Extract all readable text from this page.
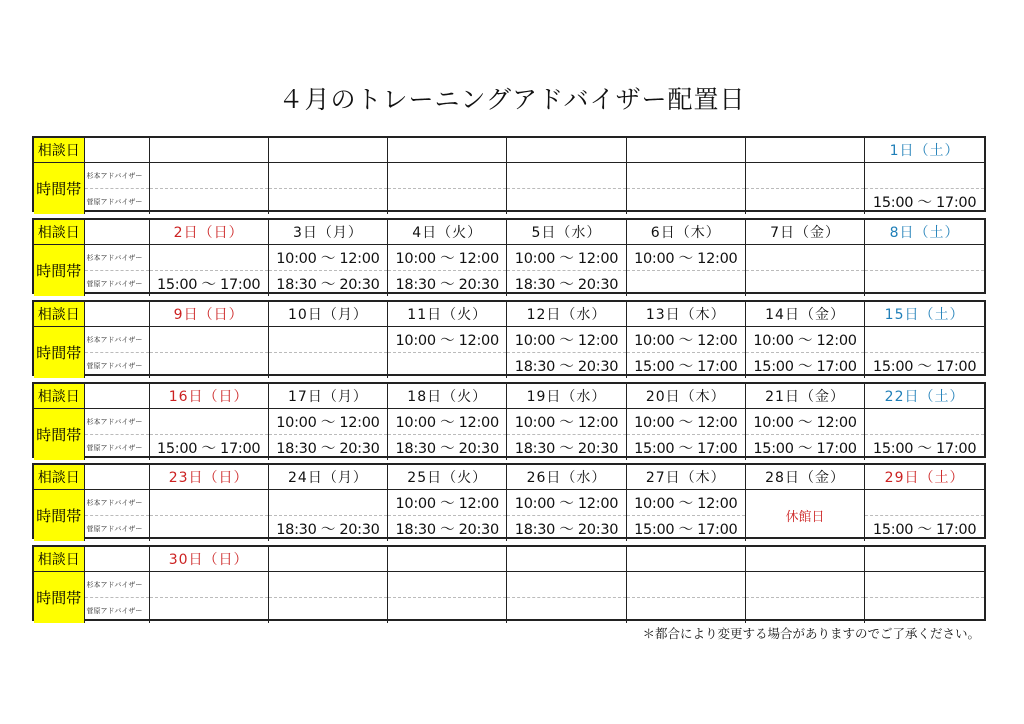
４月のトレーニングアドバイザー配置日
相談日								1日（土）
時間帯	杉本アドバイザー							
	菅原アドバイザー							15:00 ～ 17:00
相談日		2日（日）	3日（月）	4日（火）	5日（水）	6日（木）	7日（金）	8日（土）
時間帯	杉本アドバイザー		10:00 ～ 12:00	10:00 ～ 12:00	10:00 ～ 12:00	10:00 ～ 12:00		
	菅原アドバイザー	15:00 ～ 17:00	18:30 ～ 20:30	18:30 ～ 20:30	18:30 ～ 20:30			
相談日		9日（日）	10日（月）	11日（火）	12日（水）	13日（木）	14日（金）	15日（土）
時間帯	杉本アドバイザー			10:00 ～ 12:00	10:00 ～ 12:00	10:00 ～ 12:00	10:00 ～ 12:00	
	菅原アドバイザー				18:30 ～ 20:30	15:00 ～ 17:00	15:00 ～ 17:00	15:00 ～ 17:00
相談日		16日（日）	17日（月）	18日（火）	19日（水）	20日（木）	21日（金）	22日（土）
時間帯	杉本アドバイザー		10:00 ～ 12:00	10:00 ～ 12:00	10:00 ～ 12:00	10:00 ～ 12:00	10:00 ～ 12:00	
	菅原アドバイザー	15:00 ～ 17:00	18:30 ～ 20:30	18:30 ～ 20:30	18:30 ～ 20:30	15:00 ～ 17:00	15:00 ～ 17:00	15:00 ～ 17:00
相談日		23日（日）	24日（月）	25日（火）	26日（水）	27日（木）	28日（金）	29日（土）
時間帯	杉本アドバイザー			10:00 ～ 12:00	10:00 ～ 12:00	10:00 ～ 12:00	休館日	
	菅原アドバイザー		18:30 ～ 20:30	18:30 ～ 20:30	18:30 ～ 20:30	15:00 ～ 17:00		15:00 ～ 17:00
相談日		30日（日）						
時間帯	杉本アドバイザー							
	菅原アドバイザー							
＊都合により変更する場合がありますのでご了承ください。
